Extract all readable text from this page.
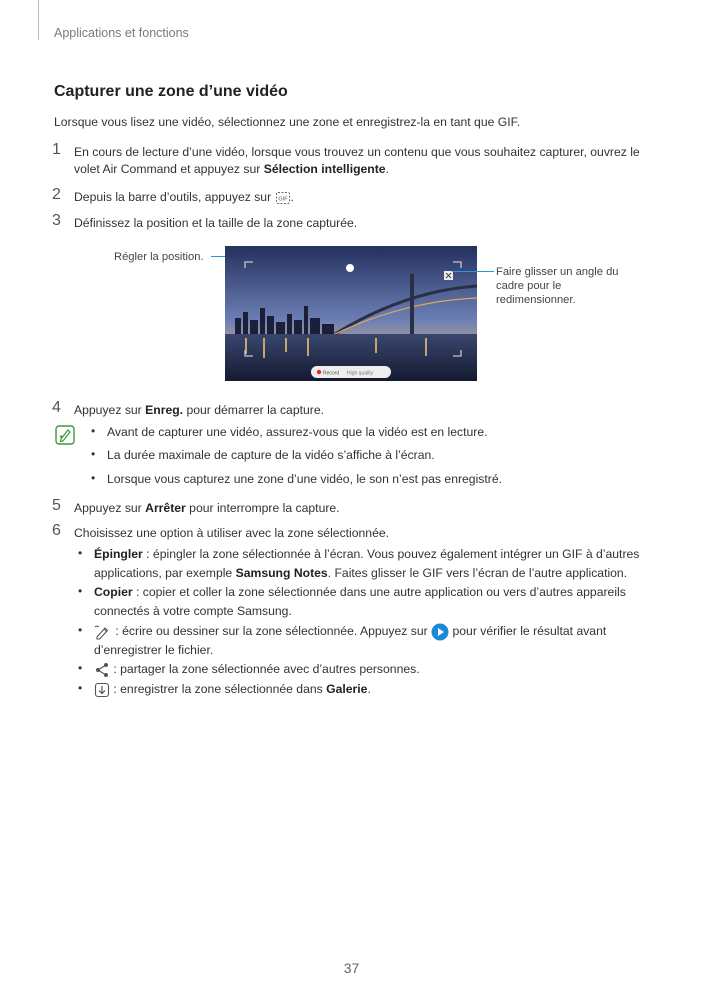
Applications et fonctions
Capturer une zone d’une vidéo
Lorsque vous lisez une vidéo, sélectionnez une zone et enregistrez-la en tant que GIF.
1 En cours de lecture d’une vidéo, lorsque vous trouvez un contenu que vous souhaitez capturer, ouvrez le
volet Air Command et appuyez sur Sélection intelligente.
2 Depuis la barre d’outils, appuyez sur GIF .
3 Définissez la position et la taille de la zone capturée.
Régler la position.
Record High quality
Faire glisser un angle du
cadre pour le
redimensionner.
4 Appuyez sur Enreg. pour démarrer la capture.
• Avant de capturer une vidéo, assurez-vous que la vidéo est en lecture.
• La durée maximale de capture de la vidéo s’affiche à l’écran.
• Lorsque vous capturez une zone d’une vidéo, le son n’est pas enregistré.
5 Appuyez sur Arrêter pour interrompre la capture.
6 Choisissez une option à utiliser avec la zone sélectionnée.
• Épingler : épingler la zone sélectionnée à l’écran. Vous pouvez également intégrer un GIF à d’autres
applications, par exemple Samsung Notes. Faites glisser le GIF vers l’écran de l’autre application.
• Copier : copier et coller la zone sélectionnée dans une autre application ou vers d’autres appareils
connectés à votre compte Samsung.
•	: écrire ou dessiner sur la zone sélectionnée. Appuyez sur  pour vérifier le résultat avant
d’enregistrer le fichier.
•	: partager la zone sélectionnée avec d’autres personnes.
•	: enregistrer la zone sélectionnée dans Galerie.
37
